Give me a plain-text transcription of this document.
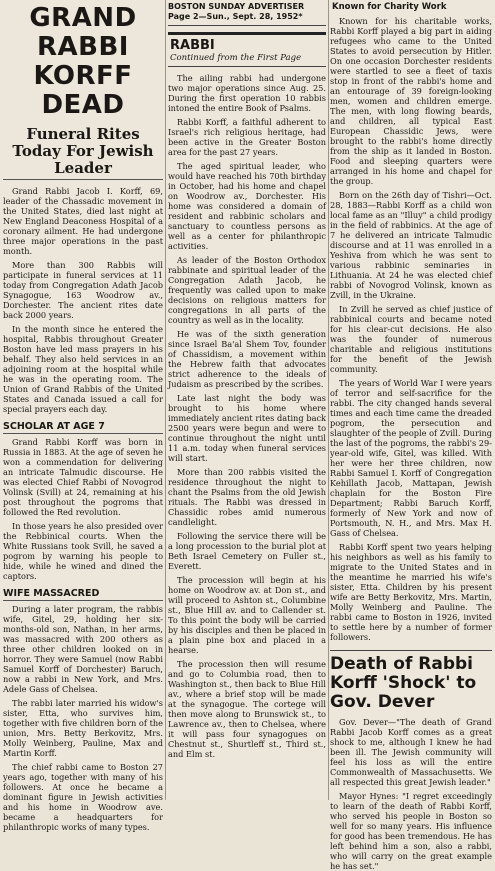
GRAND RABBI KORFF DEAD
Funeral Rites Today For Jewish Leader

Grand Rabbi Jacob I. Korff, 69, leader of the Chassadic movement in the United States, died last night at New England Deaconess Hospital of a coronary ailment. He had undergone three major operations in the past month.

More than 300 Rabbis will participate in funeral services at 11 today from Congregation Adath Jacob Synagogue, 163 Woodrow av., Dorchester. The ancient rites date back 2000 years.

In the month since he entered the hospital, Rabbis throughout Greater Boston have led mass prayers in his behalf. They also held services in an adjoining room at the hospital while he was in the operating room. The Union of Grand Rabbis of the United States and Canada issued a call for special prayers each day.

SCHOLAR AT AGE 7

Grand Rabbi Korff was born in Russia in 1883. At the age of seven he won a commendation for delivering an intricate Talmudic discourse. He was elected Chief Rabbi of Novogrod Volinsk (Svill) at 24, remaining at his post throughout the pogroms that followed the Red revolution.

In those years he also presided over the Rebbinical courts. When the White Russians took Svill, he saved a pogrom by warning his people to hide, while he wined and dined the captors.

WIFE MASSACRED

During a later program, the rabbis wife, Gitel, 29, holding her six-months-old son, Nathan, in her arms, was massacred with 200 others as three other children looked on in horror. They were Samuel (now Rabbi Samuel Korff of Dorchester) Baruch, now a rabbi in New York, and Mrs. Adele Gass of Chelsea.

The rabbi later married his widow's sister, Etta, who survives him, together with five children born of the union, Mrs. Betty Berkovitz, Mrs. Molly Weinberg, Pauline, Max and Martin Korff.

The chief rabbi came to Boston 27 years ago, together with many of his followers. At once he became a dominant figure in Jewish activities and his home in Woodrow ave. became a headquarters for philanthropic works of many types.

BOSTON SUNDAY ADVERTISER
Page 2—Sun., Sept. 28, 1952*
RABBI
Continued from the First Page

The ailing rabbi had undergone two major operations since Aug. 25. During the first operation 10 rabbis intoned the entire Book of Psalms.

Rabbi Korff, a faithful adherent to Israel's rich religious heritage, had been active in the Greater Boston area for the past 27 years.

The aged spiritual leader, who would have reached his 70th birthday in October, had his home and chapel on Woodrow av., Dorchester. His home was considered a domain of resident and rabbinic scholars and sanctuary to countless persons as well as a center for philanthropic activities.

As leader of the Boston Orthodox rabbinate and spiritual leader of the Congregation Adath Jacob, he frequently was called upon to make decisions on religious matters for congregations in all parts of the country as well as in the locality.

He was of the sixth generation since Israel Ba'al Shem Tov, founder of Chassidism, a movement within the Hebrew faith that advocates strict adherence to the ideals of Judaism as prescribed by the scribes.

Late last night the body was brought to his home where immediately ancient rites dating back 2500 years were begun and were to continue throughout the night until 11 a.m. today when funeral services will start.

More than 200 rabbis visited the residence throughout the night to chant the Psalms from the old Jewish rituals. The Rabbi was dressed in Chassidic robes amid numerous candlelight.

Following the service there will be a long procession to the burial plot at Beth Israel Cemetery on Fuller st., Everett.

The procession will begin at his home on Woodrow av. at Don st., and will proceed to Ashton st., Columbine st., Blue Hill av. and to Callender st. To this point the body will be carried by his disciples and then be placed in a plain pine box and placed in a hearse.

The procession then will resume and go to Columbia road, then to Washington st., then back to Blue Hill av., where a brief stop will be made at the synagogue. The cortege will then move along to Brunswick st., to Lawrence av., then to Chelsea, where it will pass four synagogues on Chestnut st., Shurtleff st., Third st., and Elm st.

Known for Charity Work

Known for his charitable works, Rabbi Korff played a big part in aiding refugees who came to the United States to avoid persecution by Hitler. On one occasion Dorchester residents were startled to see a fleet of taxis stop in front of the rabbi's home and an entourage of 39 foreign-looking men, women and children emerge. The men, with long flowing beards, and children, all typical East European Chassidic Jews, were brought to the rabbi's home directly from the ship as it landed in Boston. Food and sleeping quarters were arranged in his home and chapel for the group.

Born on the 26th day of Tishri—Oct. 28, 1883—Rabbi Korff as a child won local fame as an "Illuy" a child prodigy in the field of rabbinics. At the age of 7 he delivered an intricate Talmudic discourse and at 11 was enrolled in a Yeshiva from which he was sent to various rabbinic seminaries in Lithuania. At 24 he was elected chief rabbi of Novogrod Volinsk, known as Zvill, in the Ukraine.

In Zvill he served as chief justice of rabbinical courts and became noted for his clear-cut decisions. He also was the founder of numerous charitable and religious institutions for the benefit of the Jewish community.

The years of World War I were years of terror and self-sacrifice for the rabbi. The city changed hands several times and each time came the dreaded pogrom, the persecution and slaughter of the people of Zvill. During the last of the pogroms, the rabbi's 29-year-old wife, Gitel, was killed. With her were her three children, now Rabbi Samuel I. Korff of Congregation Kehillath Jacob, Mattapan, Jewish chaplain for the Boston Fire Department; Rabbi Baruch Korff, formerly of New York and now of Portsmouth, N. H., and Mrs. Max H. Gass of Chelsea.

Rabbi Korff spent two years helping his neighbors as well as his family to migrate to the United States and in the meantime he married his wife's sister, Etta. Children by his present wife are Betty Berkovitz, Mrs. Martin, Molly Weinberg and Pauline. The rabbi came to Boston in 1926, invited to settle here by a number of former followers.

Death of Rabbi Korff 'Shock' to Gov. Dever

Gov. Dever—"The death of Grand Rabbi Jacob Korff comes as a great shock to me, although I knew he had been ill. The Jewish community will feel his loss as will the entire Commonwealth of Massachusetts. We all respected this great Jewish leader."

Mayor Hynes: "I regret exceedingly to learn of the death of Rabbi Korff, who served his people in Boston so well for so many years. His influence for good has been tremendous. He has left behind him a son, also a rabbi, who will carry on the great example he has set."
